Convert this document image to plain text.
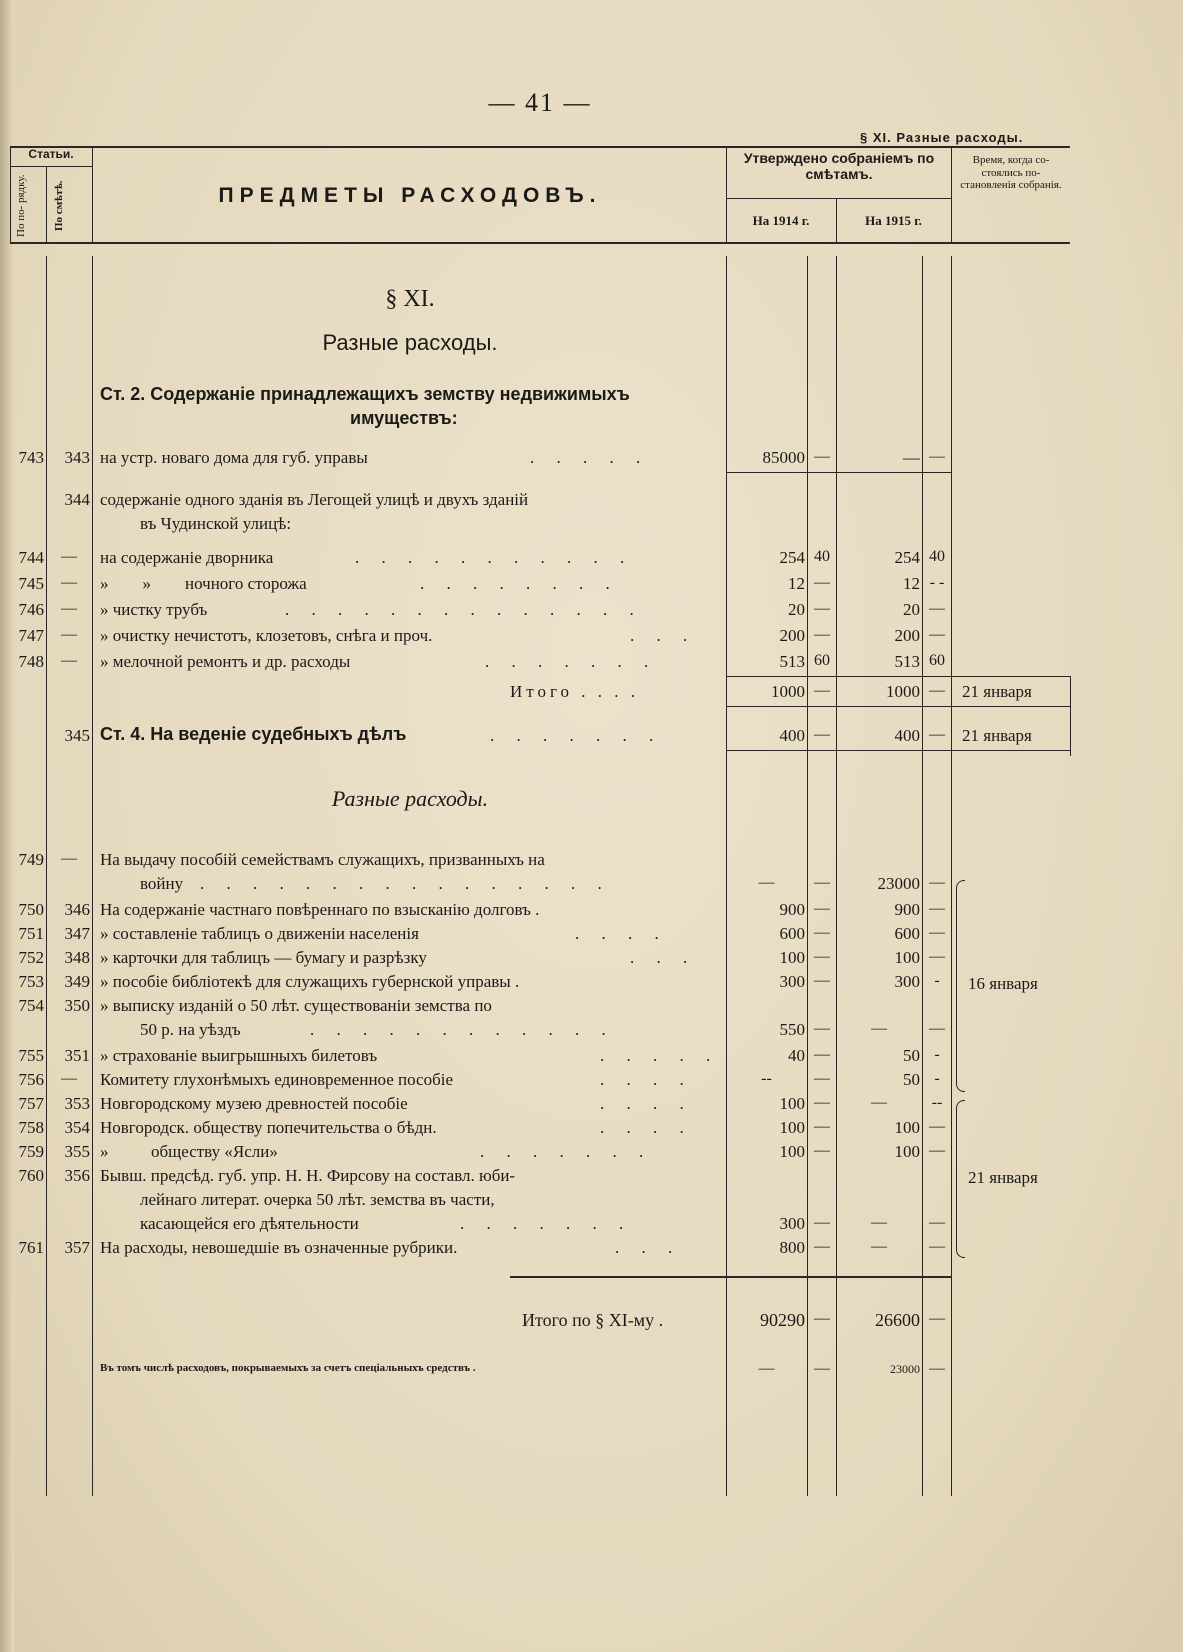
— 41 —
§ XI. Разные расходы.
Статьи.
По по- рядку.	По смѣтѣ.	ПРЕДМЕТЫ РАСХОДОВЪ.
Утверждено собраніемъ по смѣтамъ.
На 1914 г.	На 1915 г.
Время, когда со- стоялись по- становленія собранія.
§ XI.
Разные расходы.
Ст. 2. Содержаніе принадлежащихъ земству недвижимыхъ
имуществъ:
743	343 на устр. новаго дома для губ. управы	. . . . .	85000 —	— —
344 содержаніе одного зданія въ Легощей улицѣ и двухъ зданій
въ Чудинской улицѣ:
744	—	на содержаніе дворника	. . . . . . . . . . .	254 40	254 40
745	—	»        »        ночного сторожа	. . . . . . . .	12 —	12 - -
746	—	» чистку трубъ	. . . . . . . . . . . . . .	20 —	20 —
747	—	» очистку нечистотъ, клозетовъ, снѣга и проч.	. . .	200 —	200 —
748	—	» мелочной ремонтъ и др. расходы	. . . . . . .	513 60	513 60
Итого . . . .	1000 —	1000 —	21 января
345 Ст. 4. На веденіе судебныхъ дѣлъ	. . . . . . .	400 —	400 —	21 января
Разные расходы.
749	—	На выдачу пособій семействамъ служащихъ, призванныхъ на
войну . . . . . . . . . . . . . . . .	—	—	23000 —
750	346 На содержаніе частнаго повѣреннаго по взысканію долговъ .	900 —	900 —
751	347 » составленіе таблицъ о движеніи населенія	. . . .	600 —	600 —
752	348 » карточки для таблицъ — бумагу и разрѣзку	. . .	100 —	100 —
753	349 » пособіе библіотекѣ для служащихъ губернской управы .	300 —	300 -
754	350 » выписку изданій о 50 лѣт. существованіи земства по
50 р. на уѣздъ	. . . . . . . . . . . .	550 —	—	—
755	351 » страхованіе выигрышныхъ билетовъ	. . . . .	40 —	50 -
756	—	Комитету глухонѣмыхъ единовременное пособіе	. . . .	--	—	50 -
757	353 Новгородскому музею древностей пособіе	. . . .	100 —	—	--
758	354 Новгородск. обществу попечительства о бѣдн.	. . . .	100 —	100 —
759	355 »          обществу «Ясли»	. . . . . . .	100 —	100 —
760	356 Бывш. предсѣд. губ. упр. Н. Н. Фирсову на составл. юби-
лейнаго литерат. очерка 50 лѣт. земства въ части,
касающейся его дѣятельности	. . . . . . .	300 —	—	—
761	357 На расходы, невошедшіе въ означенные рубрики.	. . .	800 —	—	—
16 января
21 января
Итого по § XI-му .	90290 —	26600 —
Въ томъ числѣ расходовъ, покрываемыхъ за счетъ спеціальныхъ средствъ .	—	—	23000 —
